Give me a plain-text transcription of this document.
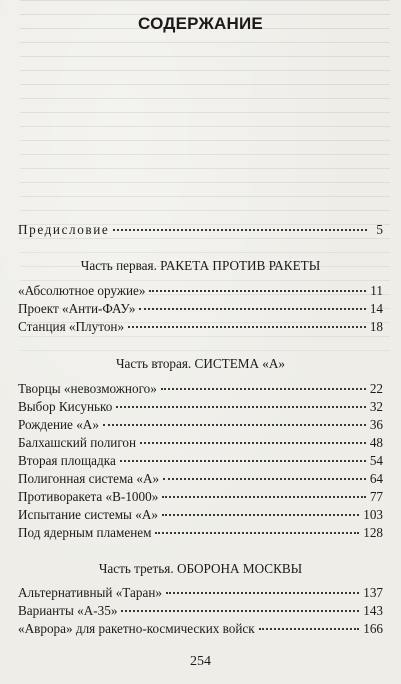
СОДЕРЖАНИЕ
Предисловие	5
Часть первая. РАКЕТА ПРОТИВ РАКЕТЫ
«Абсолютное оружие»	11
Проект «Анти-ФАУ»	14
Станция «Плутон»	18
Часть вторая. СИСТЕМА «А»
Творцы «невозможного»	22
Выбор Кисунько	32
Рождение «А»	36
Балхашский полигон	48
Вторая площадка	54
Полигонная система «А»	64
Противоракета «В-1000»	77
Испытание системы «А»	103
Под ядерным пламенем	128
Часть третья. ОБОРОНА МОСКВЫ
Альтернативный «Таран»	137
Варианты «А-35»	143
«Аврора» для ракетно-космических войск	166
254
